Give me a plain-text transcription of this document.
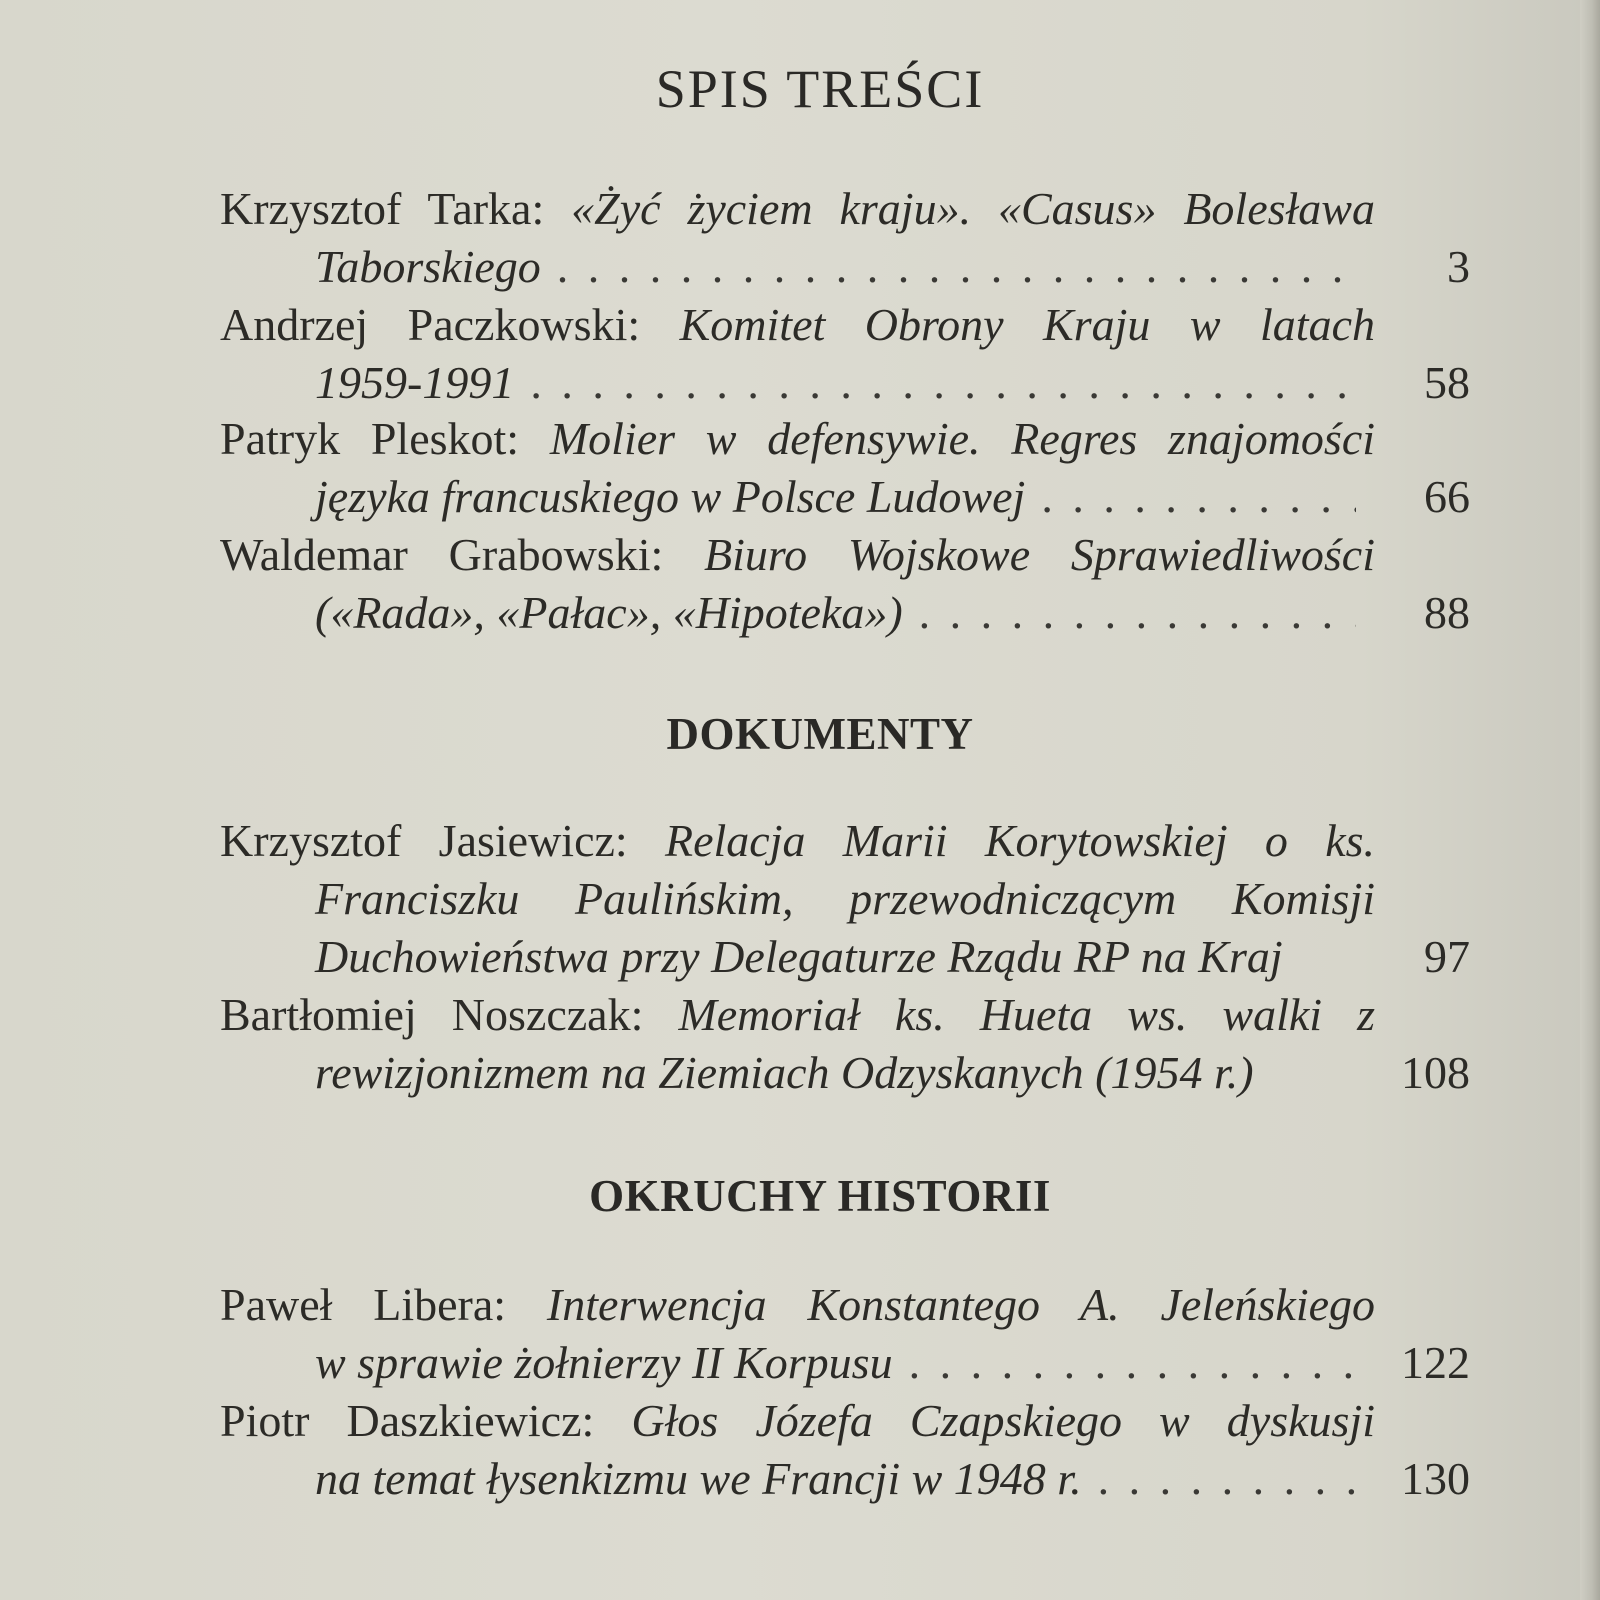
SPIS TREŚCI
Krzysztof Tarka: «Żyć życiem kraju». «Casus» Bolesława
Taborskiego . . .	3
Andrzej Paczkowski: Komitet Obrony Kraju w latach
1959-1991 . . .	58
Patryk Pleskot: Molier w defensywie. Regres znajomości
języka francuskiego w Polsce Ludowej . . .	66
Waldemar Grabowski: Biuro Wojskowe Sprawiedliwości
(«Rada», «Pałac», «Hipoteka») . . .	88
DOKUMENTY
Krzysztof Jasiewicz: Relacja Marii Korytowskiej o ks.
Franciszku Paulińskim, przewodniczącym Komisji
Duchowieństwa przy Delegaturze Rządu RP na Kraj	97
Bartłomiej Noszczak: Memoriał ks. Hueta ws. walki z
rewizjonizmem na Ziemiach Odzyskanych (1954 r.)	108
OKRUCHY HISTORII
Paweł Libera: Interwencja Konstantego A. Jeleńskiego
w sprawie żołnierzy II Korpusu . . .	122
Piotr Daszkiewicz: Głos Józefa Czapskiego w dyskusji
na temat łysenkizmu we Francji w 1948 r. . . .	130
